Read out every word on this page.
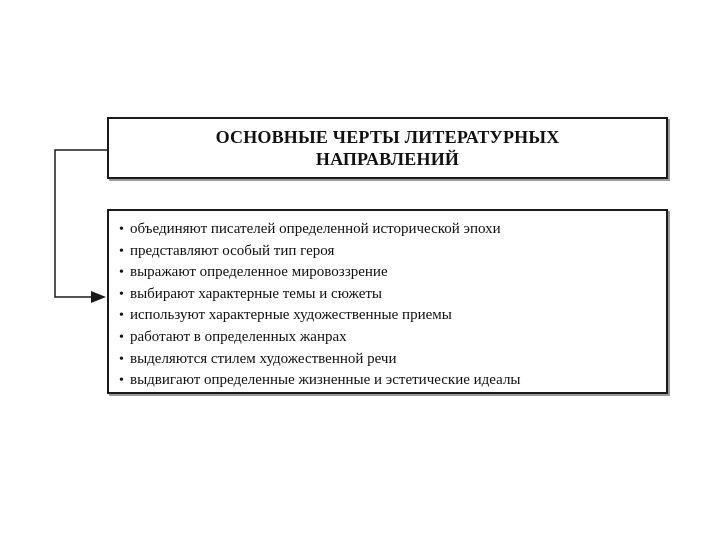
ОСНОВНЫЕ ЧЕРТЫ ЛИТЕРАТУРНЫХ
НАПРАВЛЕНИЙ
• объединяют писателей определенной исторической эпохи
• представляют особый тип героя
• выражают определенное мировоззрение
• выбирают характерные темы и сюжеты
• используют характерные художественные приемы
• работают в определенных жанрах
• выделяются стилем художественной речи
• выдвигают определенные жизненные и эстетические идеалы
